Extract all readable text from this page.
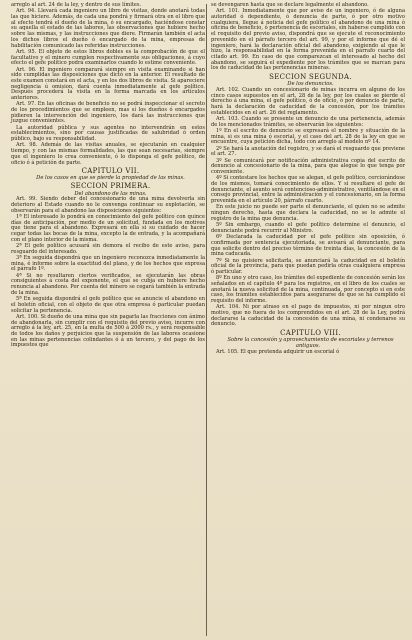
arreglo al art. 24 de la ley, y dentro de sus límites.

Art. 94. Llevará cada ingeniero un libro de visitas, donde anotará todas las que hiciere. Además, de cada una pondrá y firmará otra en el libro que al efecto tendrá el dueño de la mina, ó su encargado, haciéndose constar su aquella el estado de las labores, las observaciones que hubiere hecho sobre las mismas, y las instrucciones que diere. Firmarán también el acta los dichos libros el dueño ó encargado de la mina, empresas de habilitación comunicado las referidas instrucciones.

Art. 95. El objeto de estos libros dobles es la comprobación de que el facultativo y el minero cumplen respectivamente sus obligaciones, á cuyo efecto el gefe político podrá examinarlos cuando lo estime conveniente.

Art. 96. El ingeniero comparará siempre en visita examinando si han sido cumplidas las disposiciones que dictó en la anterior. El resultado de este examen constará en el acta, y en los dos libros de visita. Si apareciere negligencia ú omision, dará cuenta inmediatamente al gefe político. Después procederá la visita en la forma marcada en los artículos anteriores.

Art. 97. En las oficinas de beneficio no se podrá inspeccionar el secreto de los procedimientos que se empleen, mas sí los dueños ó encargados pidieren la intervención del ingeniero, los dará las instrucciones que juzgue convenientes.

La autoridad pública y sus agentes no intervendrán en estos establecimientos, sino por causas justificadas de salubridad ó orden público, bajo su responsabilidad.

Art. 98. Además de las visitas anuales, se ejecutarán en cualquier tiempo, y con las mismas formalidades, las que sean necesarias, siempre que el ingeniero lo crea conveniente, ó lo disponga el gefe político, de oficio ó á petición de parte.

CAPITULO VII.

De los casos en que se pierde la propiedad de las minas.

SECCION PRIMERA.

Del abandono de las minas.

Art. 99. Siendo deber del concesionario de una mina devolverla sin deterioro al Estado cuando no le convenga continuar su explotación, se observarán para el abandono las disposiciones siguientes:

1ª El interesado lo pondrá en conocimiento del gefe político con quince días de anticipación, por medio de un solicitud, fundada en los motivos que tiene para el abandono. Expresará en ella si su cuidado de hacer cegar todas las bocas de la mina, excepto la de entrada, y la acompañará con el plano interior de la misma.

2ª El gefe político acusará sin demora el recibo de este aviso, para resguardo del interesado.

3ª En seguida dispondrá que un ingeniero reconozca inmediatamente la mina, é informe sobre la exactitud del plano, y de los hechos que expresa el párrafo 1º.

4ª Si no resultaren ciertos verificados, se ejecutarán las obras consiguientes á costa del exponente, el que se cubja en hubiere hecho renuncia al abandono. Por cuenta del minero se cegará también la entrada de la mina.

5ª En seguida dispondrá el gefe político que se anuncie el abandono en el boletín oficial, con el objeto de que otra empresa ó particular puedan solicitar la pertenencia.

Art. 100. Si dueño de una mina que sin pagarla las fracciones con ánimo de abandonarla, sin cumplir con el requisito del previo aviso, incurre con arreglo á la ley, art. 25, en la multa de 500 á 2000 rs., y será responsable de todos los daños y perjuicios que la suspensión de las labores ocasione en las minas pertenencias colindantes ó á un tercero, y del pago de los impuestos que

se devengaren hasta que se declare legalmente el abandono.

Art. 101. Inmediatamente que por aviso de un ingeniero, ó de alguna autoridad ó dependiente, ó denuncia de parte, ó por otro motivo cualquiera, llegue á noticia del gefe político el abandono de una mina ó oficina de beneficio, ó pertenencia de escoriales, sin haberse cumplido con el requisito del previo aviso, dispondrá que se ejecute el reconocimiento prevenido en el párrafo tercero del art. 99, y por el informe que dé el ingeniero, hará la declaración oficial del abandono, exigiendo al que le hizo, la responsabilidad en la forma prevenida en el párrafo cuarto del citado art. 99. En caso de que comparezcan el interesado al hecho del abandono, se seguirá el expediente por los trámites que se marcan para los de caducidad de las pertenencias mineras.

SECCION SEGUNDA.

De los denuncios.

Art. 102. Cuando un concesionario de minas incurra en alguno de los cinco casos supuestos en el art. 28 de la ley, por los cuales se pierde el derecho á una mina, el gefe político, ó de oficio, ó por denuncio de parte, hará la declaración de caducidad de la concesión, por los trámites establecidos en el art. 26 del reglamento.

Art. 103. Cuando se presente un denuncio de una pertenencia, además de los mencionados trámites, se observarán los siguientes:

1º En el escrito de denuncio se expresará el nombre y situación de la mina, si es una mina ó escorial, y el caso del art. 28 de la ley en que se encuentre, cuya petición dicha, todo con arreglo al modelo nº 14.

2º Se hará la anotación del registro, y se dará el resguardo que previene el art. 27.

3º Se comunicará por notificación administrativa copia del escrito de denuncio al concesionario de la mina, para que alegue lo que tenga por conveniente.

4º Si contestare los hechos que se alegan, el gefe político, cerciorándose de los mismos, tomará conocimiento de ellos. Y si resultare el gefe de denunciante, el asunto será contencioso-administrativo, ventilándose en el consejo provincial, entre la administración y el concesionario, en la forma prevenida en el artículo 20, párrafo cuarto.

En este juicio no puede ser parte el denunciante, el quien no se admite ningun derecho, hasta que declara la caducidad, no se le admite el registro de la mina que denuncia.

5º Sin embargo, cuando el gefe político determine el denuncio, el denunciante podrá recurrir al Ministro.

6º Declarada la caducidad por el gefe político sin oposición, ó confirmada por sentencia ejecutoriada, se avisará al denunciante, para que solicite dentro del preciso término de treinta días, la concesión de la mina caducada.

7º Si no quisiere solicitarla, se anunciará la caducidad en el boletín oficial de la provincia, para que puedan pedirla otras cualquiera empresa ó particular.

8º En uno y otro caso, los trámites del expediente de concesión serán los señalados en el capítulo 4º para los registros, en el libro de los cuales se anotará la nueva solicitud de la mina, continuada, por concepto si en este caso, los trámites establecidos para asegurarse de que se ha cumplido el requisito del informe.

Art. 104. Ni por atraso en el pago de impuestos, ni por ningun otro motivo, que no fuera de los comprendidos en el art. 28 de la Ley, podrá declararse la caducidad de la concesión de una mina, ni condenarse su denuncio.

CAPITULO VIII.

Sobre la concesión y aprovechamiento de escoriales y terrenos antiguos.

Art. 105. El que pretenda adquirir un escorial ó
